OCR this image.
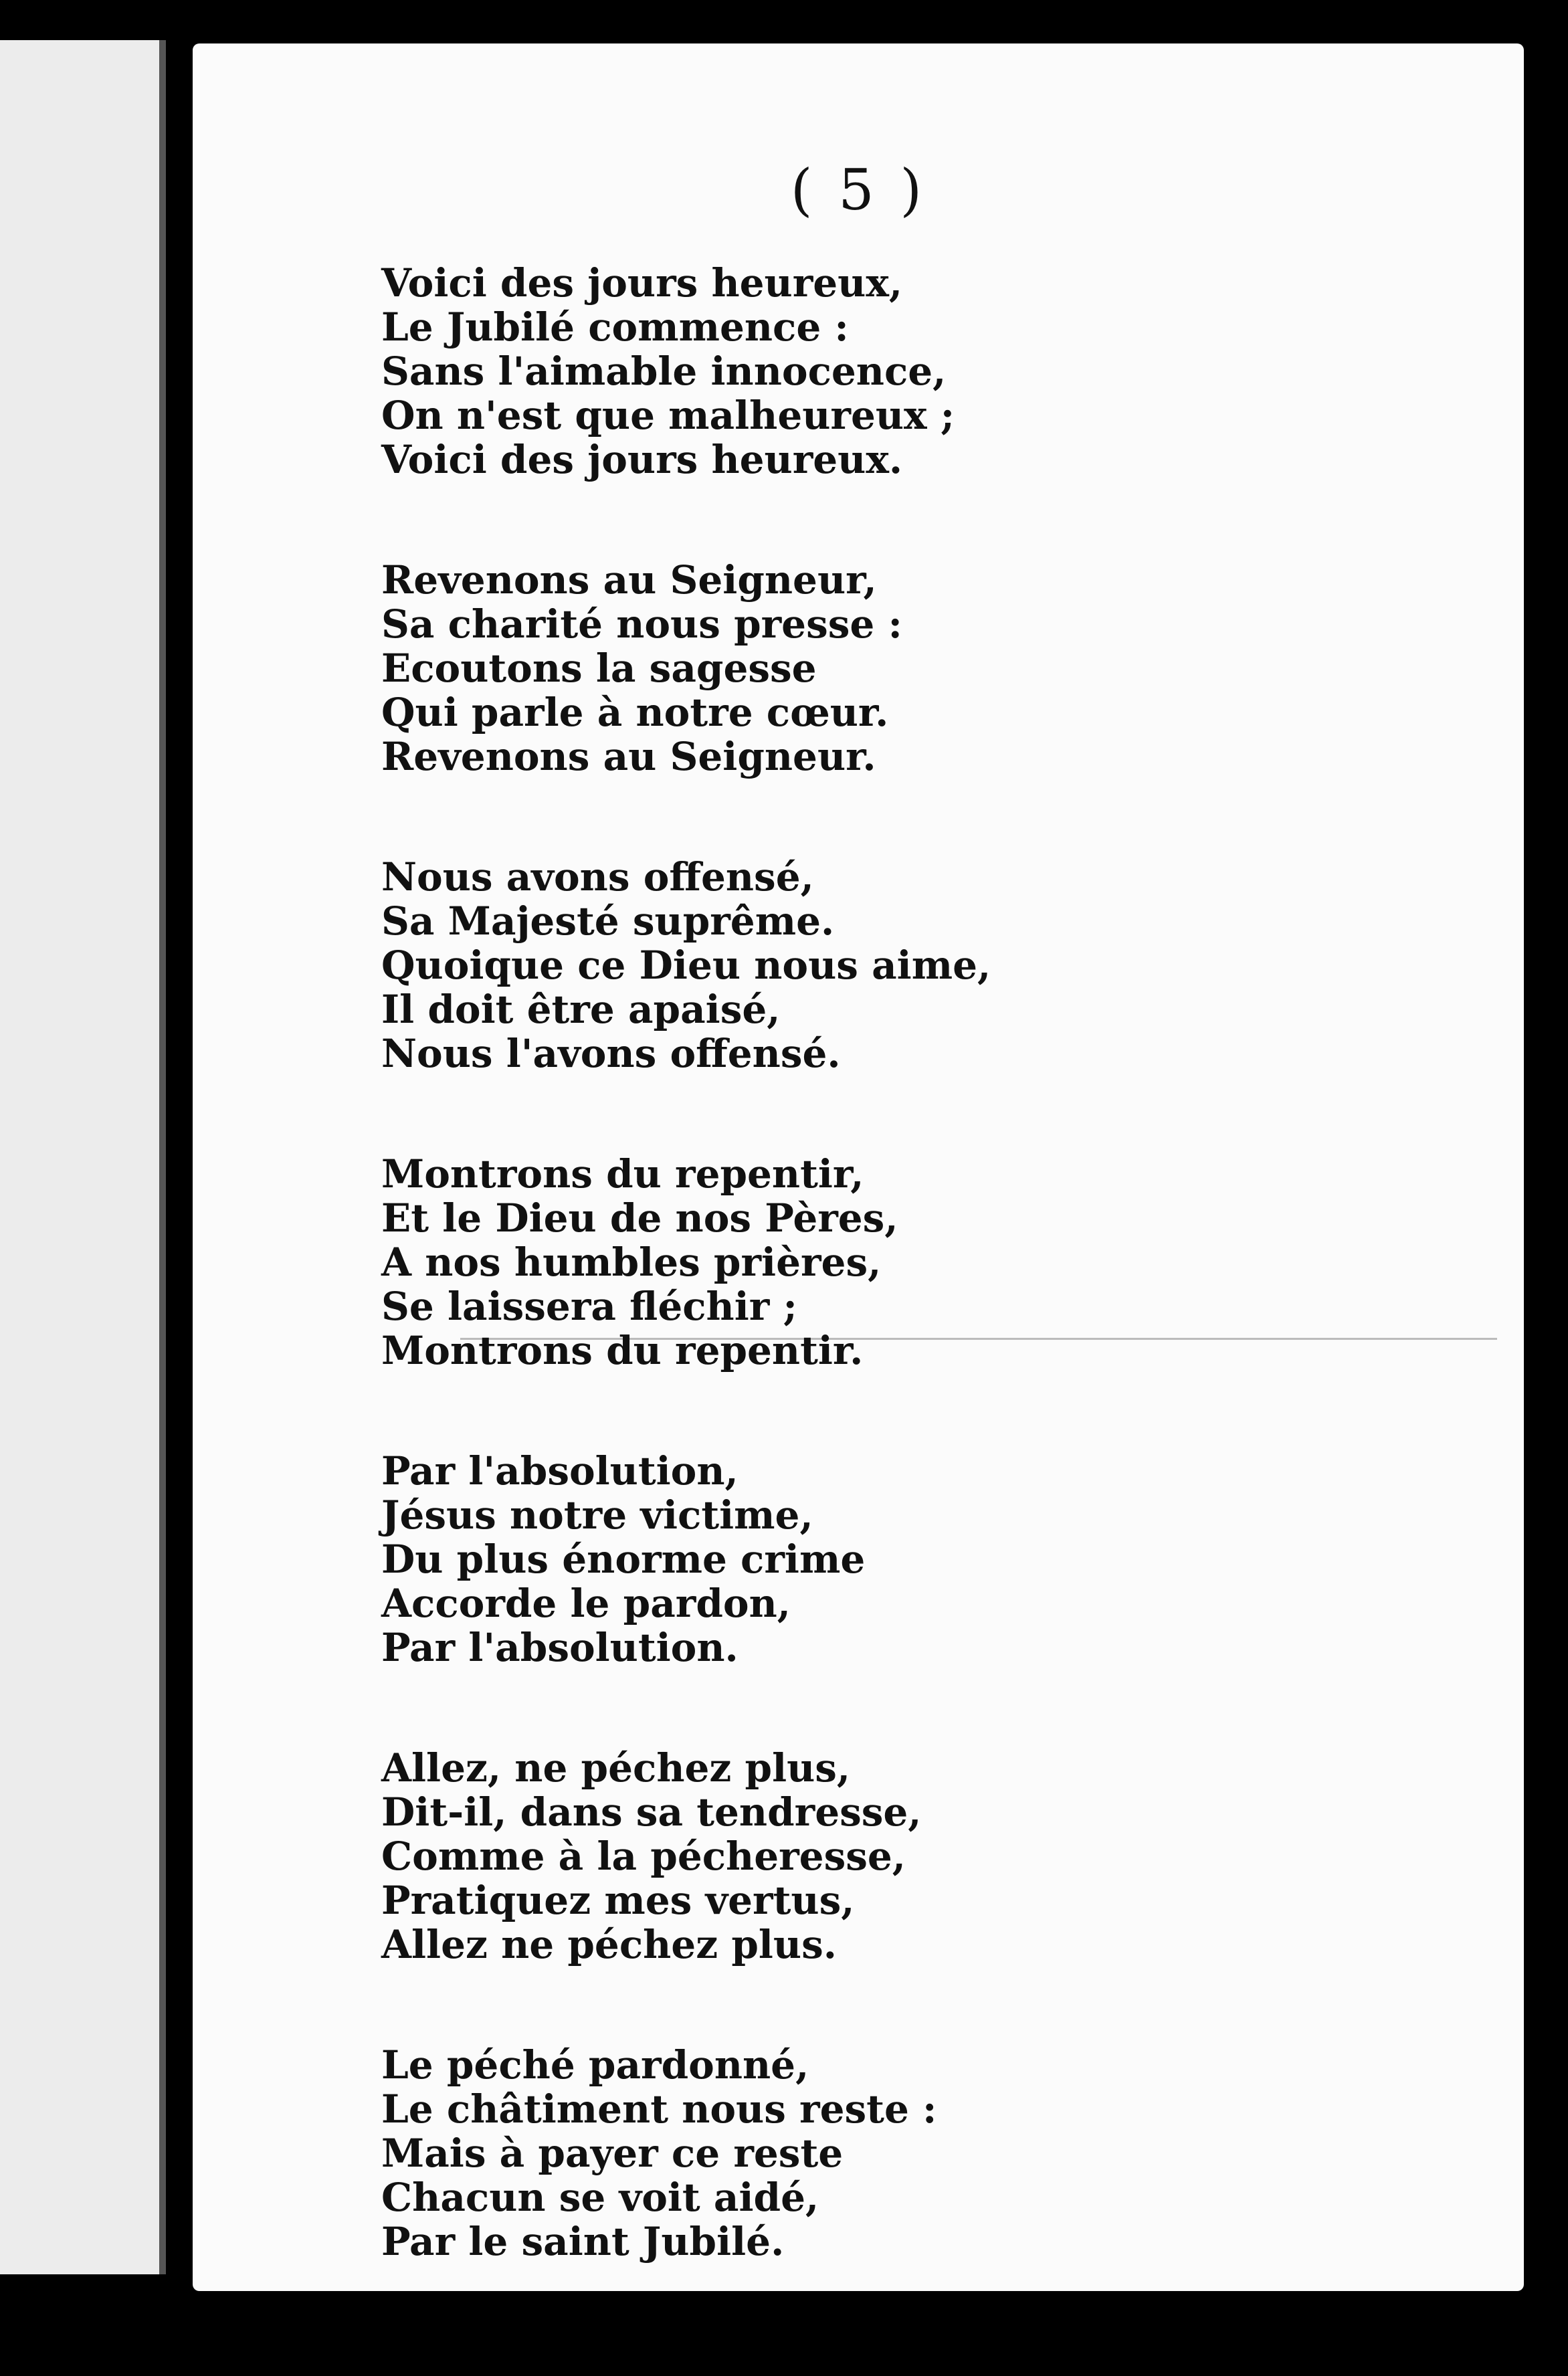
( 5 )
Voici des jours heureux,
Le Jubilé commence :
Sans l'aimable innocence,
On n'est que malheureux ;
Voici des jours heureux.
Revenons au Seigneur,
Sa charité nous presse :
Ecoutons la sagesse
Qui parle à notre cœur.
Revenons au Seigneur.
Nous avons offensé,
Sa Majesté suprême.
Quoique ce Dieu nous aime,
Il doit être apaisé,
Nous l'avons offensé.
Montrons du repentir,
Et le Dieu de nos Pères,
A nos humbles prières,
Se laissera fléchir ;
Montrons du repentir.
Par l'absolution,
Jésus notre victime,
Du plus énorme crime
Accorde le pardon,
Par l'absolution.
Allez, ne péchez plus,
Dit-il, dans sa tendresse,
Comme à la pécheresse,
Pratiquez mes vertus,
Allez ne péchez plus.
Le péché pardonné,
Le châtiment nous reste :
Mais à payer ce reste
Chacun se voit aidé,
Par le saint Jubilé.
